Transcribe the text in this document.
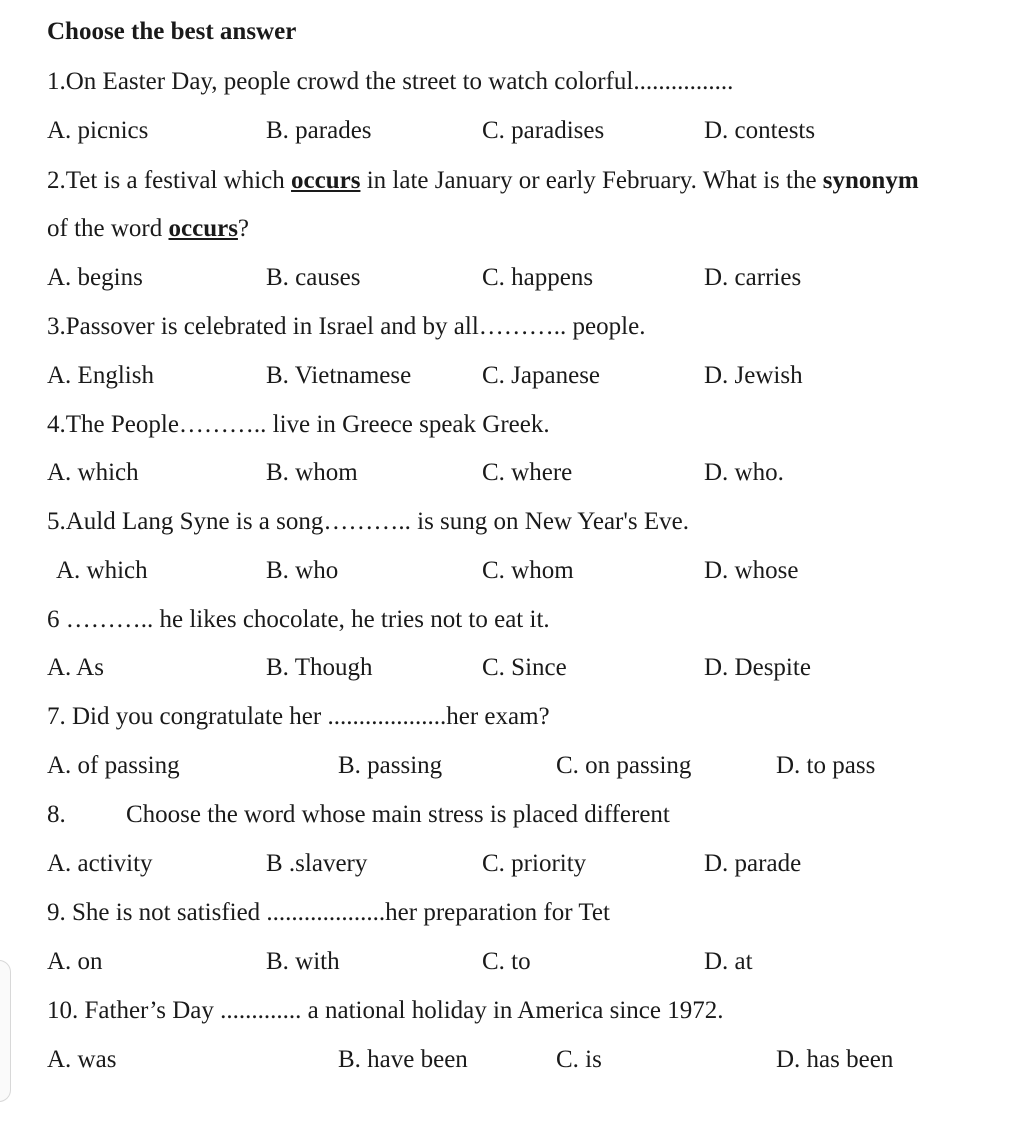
Choose the best answer
1.On Easter Day, people crowd the street to watch colorful................
A. picnics	B. parades	C. paradises	D. contests
2.Tet is a festival which occurs in late January or early February. What is the synonym
of the word occurs?
A. begins	B. causes	C. happens	D. carries
3.Passover is celebrated in Israel and by all……….. people.
A. English	B. Vietnamese	C. Japanese	D. Jewish
4.The People……….. live in Greece speak Greek.
A. which	B. whom	C. where	D. who.
5.Auld Lang Syne is a song……….. is sung on New Year's Eve.
A. which	B. who	C. whom	D. whose
6 ……….. he likes chocolate, he tries not to eat it.
A. As	B. Though	C. Since	D. Despite
7. Did you congratulate her ...................her exam?
A. of passing	B. passing	C. on passing	D. to pass
8. Choose the word whose main stress is placed different
A. activity	B .slavery	C. priority	D. parade
9. She is not satisfied ...................her preparation for Tet
A. on	B. with	C. to	D. at
10. Father’s Day ............. a national holiday in America since 1972.
A. was	B. have been	C. is	D. has been
